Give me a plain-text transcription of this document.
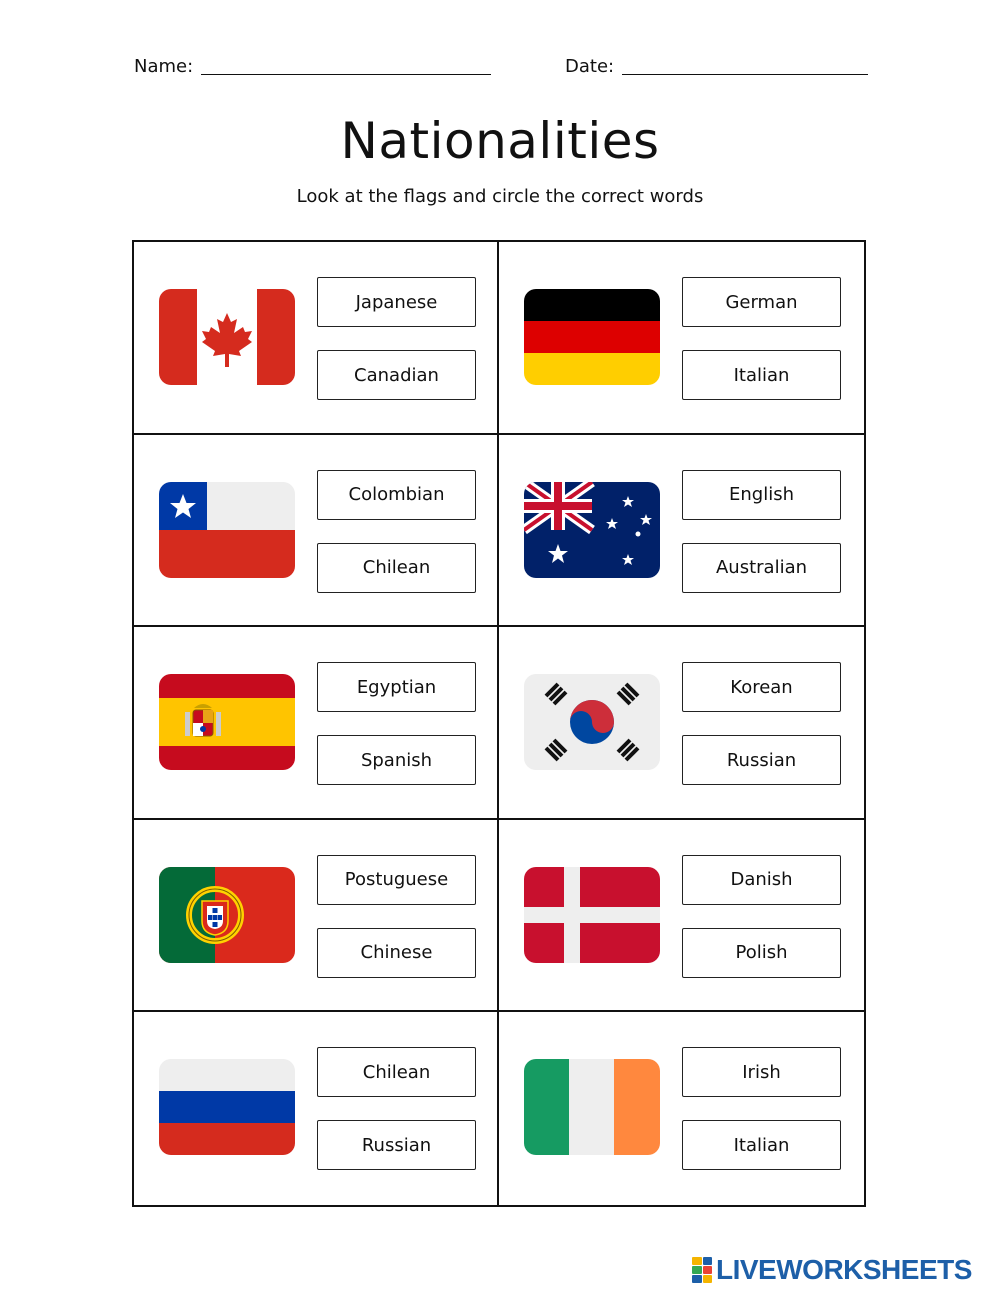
Name:	Date:
Nationalities

Look at the flags and circle the correct words

Japanese
Canadian
German
Italian
Colombian
Chilean
English
Australian
Egyptian
Spanish
Korean
Russian
Postuguese
Chinese
Danish
Polish
Chilean
Russian
Irish
Italian
LIVEWORKSHEETS
